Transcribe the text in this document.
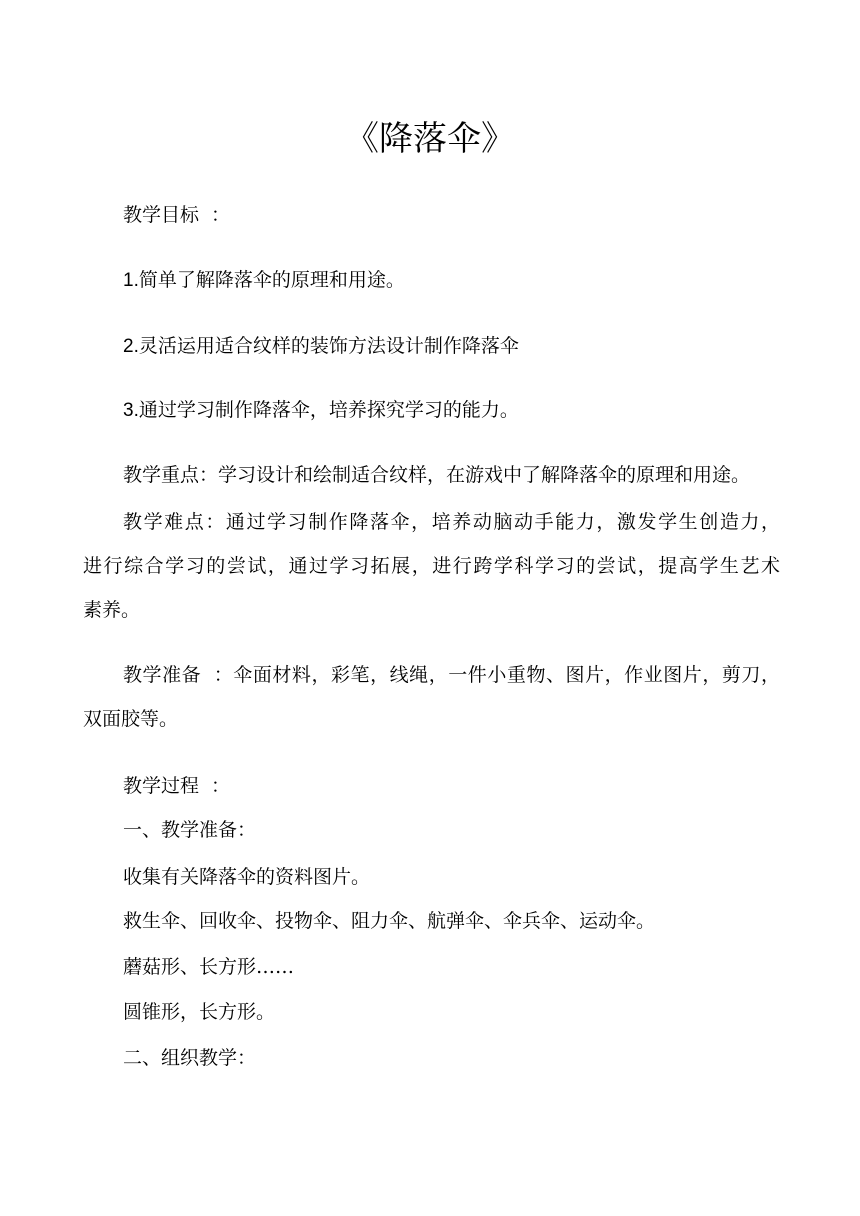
《降落伞》
教学目标 ：
1.简单了解降落伞的原理和用途。
2.灵活运用适合纹样的装饰方法设计制作降落伞
3.通过学习制作降落伞，培养探究学习的能力。
教学重点：学习设计和绘制适合纹样，在游戏中了解降落伞的原理和用途。
教学难点：通过学习制作降落伞，培养动脑动手能力，激发学生创造力，
进行综合学习的尝试，通过学习拓展，进行跨学科学习的尝试，提高学生艺术
素养。
教学准备 ：伞面材料，彩笔，线绳，一件小重物、图片，作业图片，剪刀，
双面胶等。
教学过程 ：
一、教学准备：
收集有关降落伞的资料图片。
救生伞、回收伞、投物伞、阻力伞、航弹伞、伞兵伞、运动伞。
蘑菇形、长方形……
圆锥形，长方形。
二、组织教学：
